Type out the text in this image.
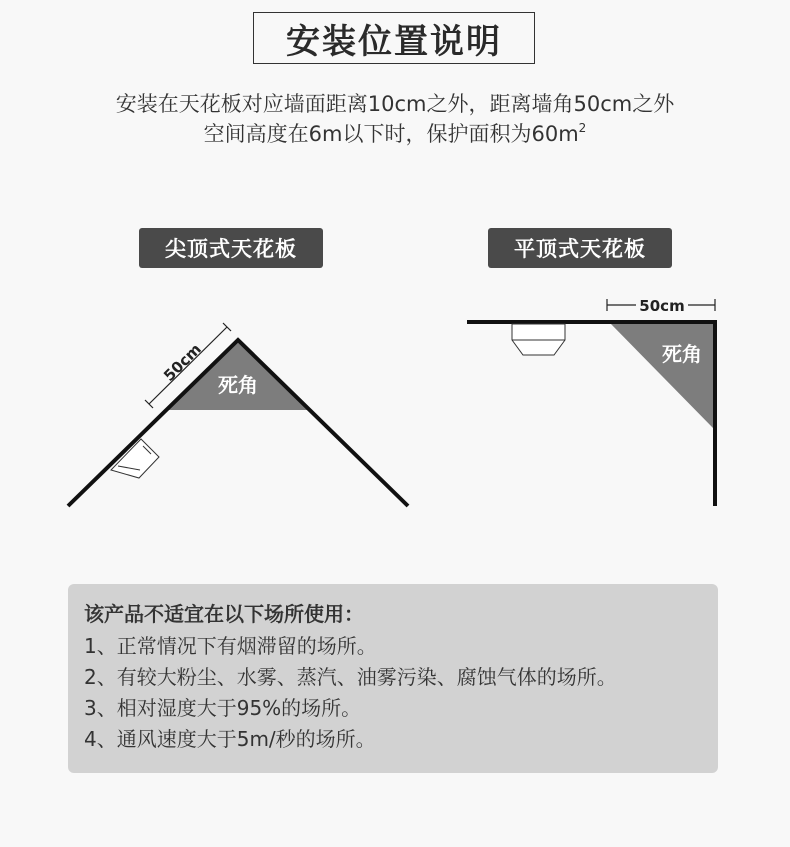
安装位置说明
安装在天花板对应墙面距离10cm之外，距离墙角50cm之外
空间高度在6m以下时，保护面积为$60m^2$
尖顶式天花板	平顶式天花板
50cm
死角
50cm
死角
该产品不适宜在以下场所使用：
1、正常情况下有烟滞留的场所。
2、有较大粉尘、水雾、蒸汽、油雾污染、腐蚀气体的场所。
3、相对湿度大于95%的场所。
4、通风速度大于5m/秒的场所。
